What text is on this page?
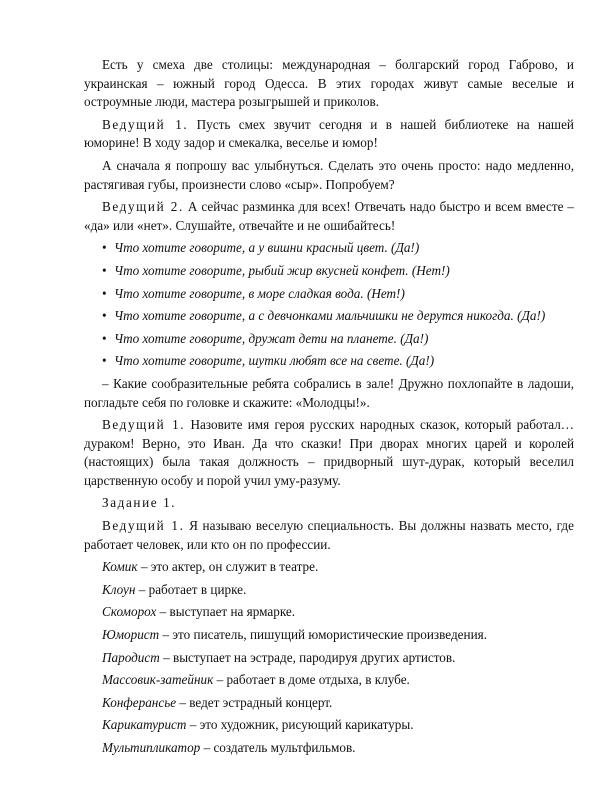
Есть у смеха две столицы: международная – болгарский город Габрово, и украинская – южный город Одесса. В этих городах живут самые веселые и остроумные люди, мастера розыгрышей и приколов.

Ведущий 1. Пусть смех звучит сегодня и в нашей библиотеке на нашей юморине! В ходу задор и смекалка, веселье и юмор!

А сначала я попрошу вас улыбнуться. Сделать это очень просто: надо медленно, растягивая губы, произнести слово «сыр». Попробуем?

Ведущий 2. А сейчас разминка для всех! Отвечать надо быстро и всем вместе – «да» или «нет». Слушайте, отвечайте и не ошибайтесь!

• Что хотите говорите, а у вишни красный цвет. (Да!)

• Что хотите говорите, рыбий жир вкусней конфет. (Нет!)

• Что хотите говорите, в море сладкая вода. (Нет!)

• Что хотите говорите, а с девчонками мальчишки не дерутся никогда. (Да!)

• Что хотите говорите, дружат дети на планете. (Да!)

• Что хотите говорите, шутки любят все на свете. (Да!)

– Какие сообразительные ребята собрались в зале! Дружно похлопайте в ладоши, погладьте себя по головке и скажите: «Молодцы!».

Ведущий 1. Назовите имя героя русских народных сказок, который работал… дураком! Верно, это Иван. Да что сказки! При дворах многих царей и королей (настоящих) была такая должность – придворный шут-дурак, который веселил царственную особу и порой учил уму-разуму.

Задание 1.

Ведущий 1. Я называю веселую специальность. Вы должны назвать место, где работает человек, или кто он по профессии.

Комик – это актер, он служит в театре.

Клоун – работает в цирке.

Скоморох – выступает на ярмарке.

Юморист – это писатель, пишущий юмористические произведения.

Пародист – выступает на эстраде, пародируя других артистов.

Массовик-затейник – работает в доме отдыха, в клубе.

Конферансье – ведет эстрадный концерт.

Карикатурист – это художник, рисующий карикатуры.

Мультипликатор – создатель мультфильмов.
